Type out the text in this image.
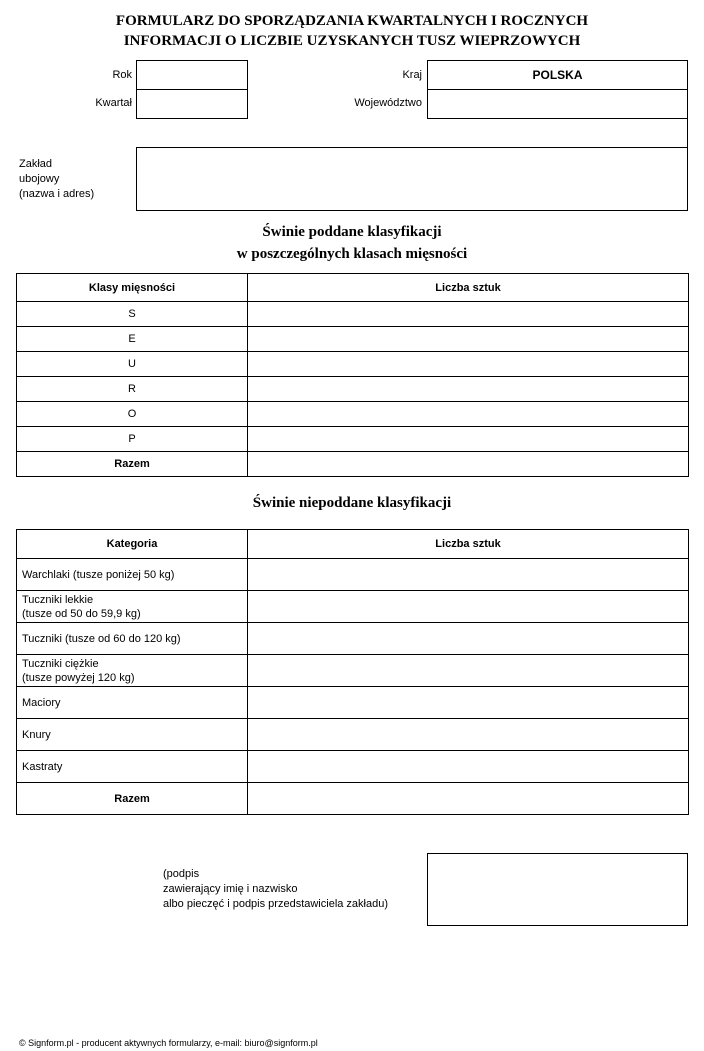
FORMULARZ DO SPORZĄDZANIA KWARTALNYCH I ROCZNYCH
INFORMACJI O LICZBIE UZYSKANYCH TUSZ WIEPRZOWYCH
Rok
Kwartał
Kraj	POLSKA
Województwo
Zakład
ubojowy
(nazwa i adres)
Świnie poddane klasyfikacji
w poszczególnych klasach mięsności
Klasy mięsności	Liczba sztuk
S	
E	
U	
R	
O	
P	
Razem	
Świnie niepoddane klasyfikacji
Kategoria	Liczba sztuk
Warchlaki (tusze poniżej 50 kg)	
Tuczniki lekkie
(tusze od 50 do 59,9 kg)	
Tuczniki (tusze od 60 do 120 kg)	
Tuczniki ciężkie
(tusze powyżej 120 kg)	
Maciory	
Knury	
Kastraty	
Razem	
(podpis
zawierający imię i nazwisko
albo pieczęć i podpis przedstawiciela zakładu)
© Signform.pl - producent aktywnych formularzy, e-mail: biuro@signform.pl
